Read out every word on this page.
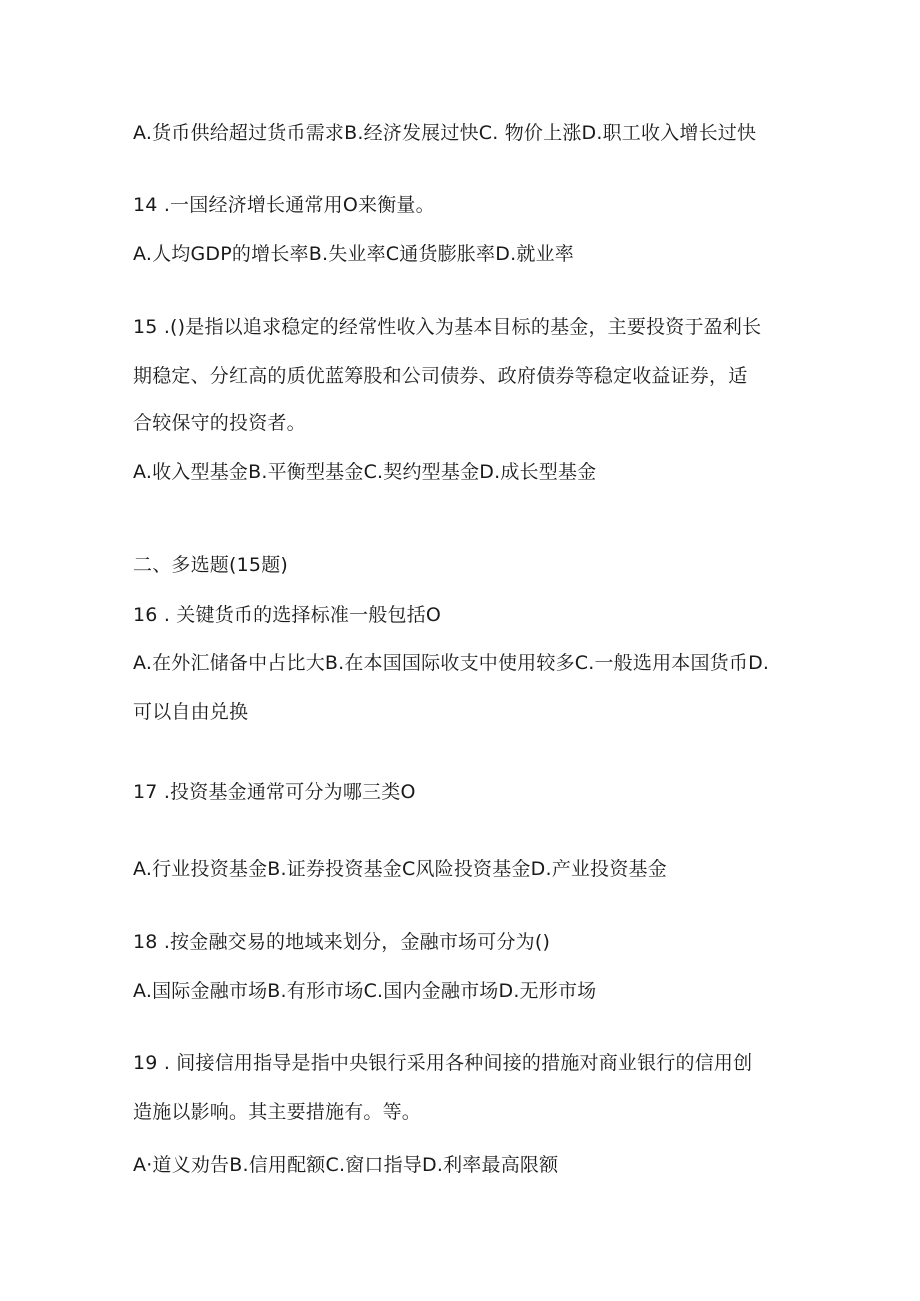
A.货币供给超过货币需求B.经济发展过快C. 物价上涨D.职工收入增长过快
14 .一国经济增长通常用O来衡量。
A.人均GDP的增长率B.失业率C通货膨胀率D.就业率
15 .()是指以追求稳定的经常性收入为基本目标的基金，主要投资于盈利长
期稳定、分红高的质优蓝筹股和公司债券、政府债券等稳定收益证券，适
合较保守的投资者。
A.收入型基金B.平衡型基金C.契约型基金D.成长型基金
二、多选题(15题)
16 . 关键货币的选择标准一般包括O
A.在外汇储备中占比大B.在本国国际收支中使用较多C.一般选用本国货币D.
可以自由兑换
17 .投资基金通常可分为哪三类O
A.行业投资基金B.证券投资基金C风险投资基金D.产业投资基金
18 .按金融交易的地域来划分，金融市场可分为()
A.国际金融市场B.有形市场C.国内金融市场D.无形市场
19 . 间接信用指导是指中央银行采用各种间接的措施对商业银行的信用创
造施以影响。其主要措施有。等。
A·道义劝告B.信用配额C.窗口指导D.利率最高限额
